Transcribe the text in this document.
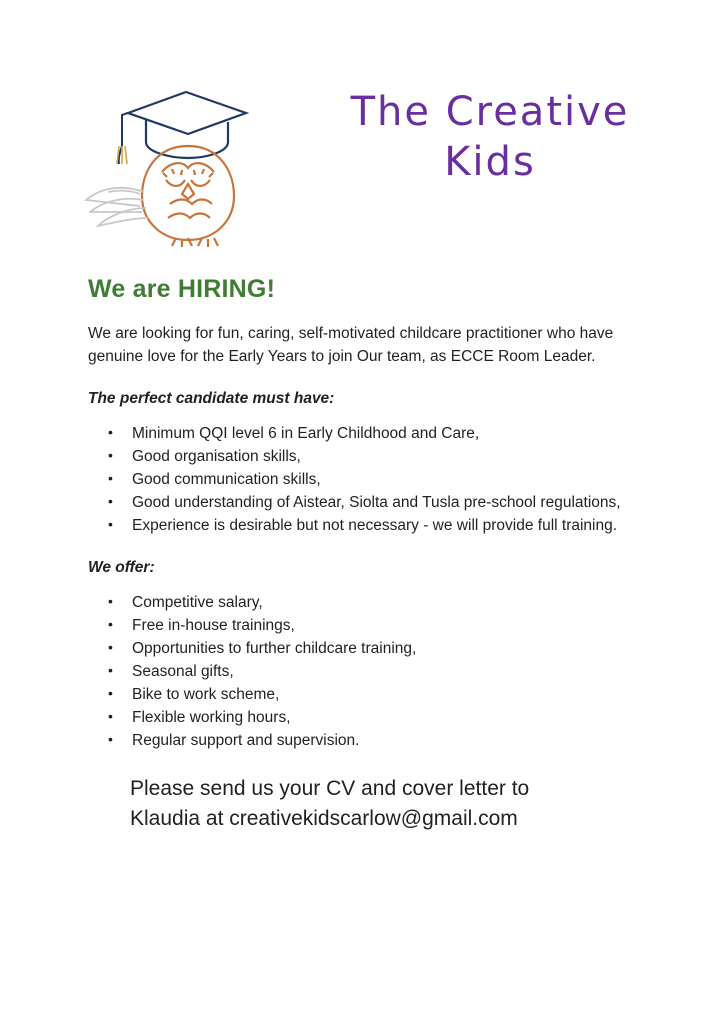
The Creative
Kids
We are HIRING!

We are looking for fun, caring, self-motivated childcare practitioner who have genuine love for the Early Years to join Our team, as ECCE Room Leader.

The perfect candidate must have:
• Minimum QQI level 6 in Early Childhood and Care,
• Good organisation skills,
• Good communication skills,
• Good understanding of Aistear, Siolta and Tusla pre-school regulations,
• Experience is desirable but not necessary - we will provide full training.
We offer:
• Competitive salary,
• Free in-house trainings,
• Opportunities to further childcare training,
• Seasonal gifts,
• Bike to work scheme,
• Flexible working hours,
• Regular support and supervision.
Please send us your CV and cover letter to
Klaudia at creativekidscarlow@gmail.com
